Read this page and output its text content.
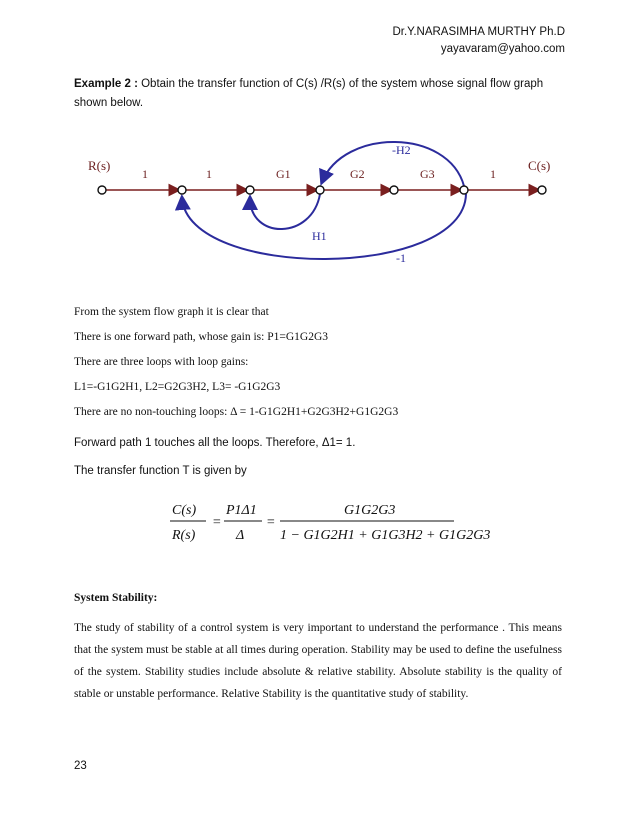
Dr.Y.NARASIMHA MURTHY Ph.D
yayavaram@yahoo.com
Example 2 : Obtain the transfer function of C(s) /R(s) of the system whose signal flow graph shown below.
R(s)	C(s)
1	1	G1	G2	G3	1
-H2
H1
-1
From the system flow graph it is clear that
There is one forward path, whose gain is: P1=G1G2G3
There are three loops with loop gains:
L1=-G1G2H1, L2=G2G3H2, L3= -G1G2G3
There are no non-touching loops: Δ = 1-G1G2H1+G2G3H2+G1G2G3
Forward path 1 touches all the loops. Therefore, Δ1= 1.
The transfer function T is given by
C(s)
R(s)
=
P1Δ1
Δ
=
G1G2G3
1 − G1G2H1 + G1G3H2 + G1G2G3
System Stability:
The study of stability of a control system is very important to understand the performance . This means that the system must be stable at all times during operation. Stability may be used to define the usefulness of the system. Stability studies include absolute & relative stability. Absolute stability is the quality of stable or unstable performance. Relative Stability is the quantitative study of stability.
23
